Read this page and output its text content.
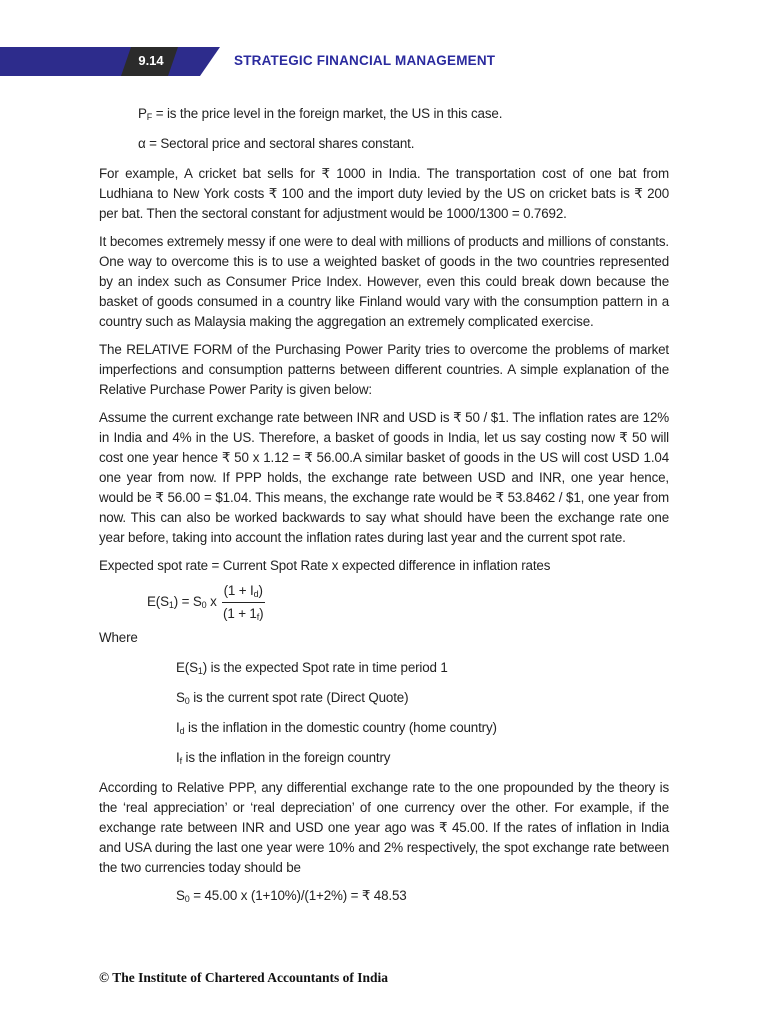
9.14	STRATEGIC FINANCIAL MANAGEMENT

$P_F$ = is the price level in the foreign market, the US in this case.

α = Sectoral price and sectoral shares constant.

For example, A cricket bat sells for ₹ 1000 in India. The transportation cost of one bat from Ludhiana to New York costs ₹ 100 and the import duty levied by the US on cricket bats is ₹ 200 per bat. Then the sectoral constant for adjustment would be 1000/1300 = 0.7692.

It becomes extremely messy if one were to deal with millions of products and millions of constants. One way to overcome this is to use a weighted basket of goods in the two countries represented by an index such as Consumer Price Index. However, even this could break down because the basket of goods consumed in a country like Finland would vary with the consumption pattern in a country such as Malaysia making the aggregation an extremely complicated exercise.

The RELATIVE FORM of the Purchasing Power Parity tries to overcome the problems of market imperfections and consumption patterns between different countries. A simple explanation of the Relative Purchase Power Parity is given below:

Assume the current exchange rate between INR and USD is ₹ 50 / $1. The inflation rates are 12% in India and 4% in the US. Therefore, a basket of goods in India, let us say costing now ₹ 50 will cost one year hence ₹ 50 x 1.12 = ₹ 56.00.A similar basket of goods in the US will cost USD 1.04 one year from now. If PPP holds, the exchange rate between USD and INR, one year hence, would be ₹ 56.00 = $1.04. This means, the exchange rate would be ₹ 53.8462 / $1, one year from now. This can also be worked backwards to say what should have been the exchange rate one year before, taking into account the inflation rates during last year and the current spot rate.

Expected spot rate = Current Spot Rate x expected difference in inflation rates

$E(S_1) = S_0$ x $\frac{(1 + I_d)}{(1 + 1_f)}$

Where

$E(S_1)$ is the expected Spot rate in time period 1

$S_0$ is the current spot rate (Direct Quote)

$I_d$ is the inflation in the domestic country (home country)

$I_f$ is the inflation in the foreign country

According to Relative PPP, any differential exchange rate to the one propounded by the theory is the ‘real appreciation’ or ‘real depreciation’ of one currency over the other. For example, if the exchange rate between INR and USD one year ago was ₹ 45.00. If the rates of inflation in India and USA during the last one year were 10% and 2% respectively, the spot exchange rate between the two currencies today should be

$S_0 = 45.00$ x (1+10%)/(1+2%) = ₹ 48.53

© The Institute of Chartered Accountants of India
